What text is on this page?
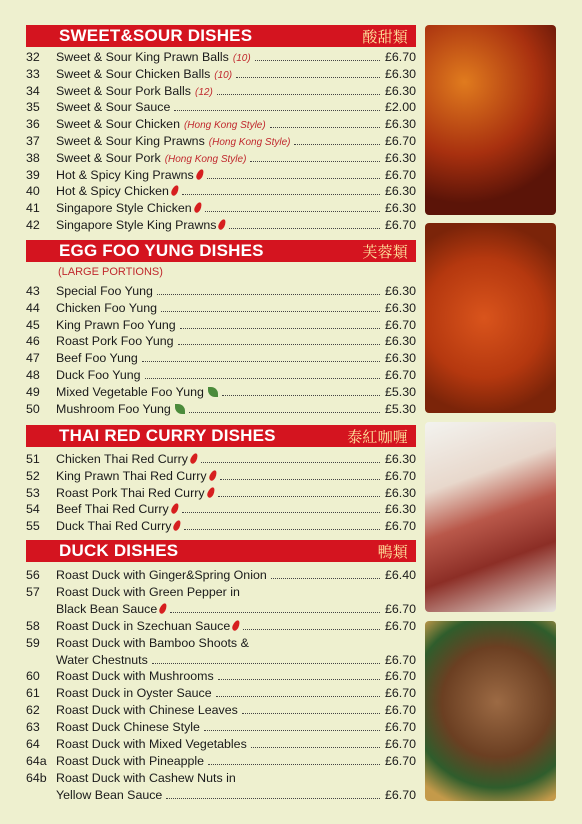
SWEET&SOUR DISHES	酸甜類
32	Sweet & Sour King Prawn Balls (10)	£6.70
33	Sweet & Sour Chicken Balls (10)	£6.30
34	Sweet & Sour Pork Balls (12)	£6.30
35	Sweet & Sour Sauce	£2.00
36	Sweet & Sour Chicken (Hong Kong Style)	£6.30
37	Sweet & Sour King Prawns (Hong Kong Style)	£6.70
38	Sweet & Sour Pork (Hong Kong Style)	£6.30
39	Hot & Spicy King Prawns	£6.70
40	Hot & Spicy Chicken	£6.30
41	Singapore Style Chicken	£6.30
42	Singapore Style King Prawns	£6.70
EGG FOO YUNG DISHES	芙蓉類
(LARGE PORTIONS)
43	Special Foo Yung	£6.30
44	Chicken Foo Yung	£6.30
45	King Prawn Foo Yung	£6.70
46	Roast Pork Foo Yung	£6.30
47	Beef Foo Yung	£6.30
48	Duck Foo Yung	£6.70
49	Mixed Vegetable Foo Yung	£5.30
50	Mushroom Foo Yung	£5.30
THAI RED CURRY DISHES	泰紅咖喱
51	Chicken Thai Red Curry	£6.30
52	King Prawn Thai Red Curry	£6.70
53	Roast Pork Thai Red Curry	£6.30
54	Beef Thai Red Curry	£6.30
55	Duck Thai Red Curry	£6.70
DUCK DISHES	鴨類
56	Roast Duck with Ginger&Spring Onion	£6.40
57	Roast Duck with Green Pepper in
Black Bean Sauce	£6.70
58	Roast Duck in Szechuan Sauce	£6.70
59	Roast Duck with Bamboo Shoots &
Water Chestnuts	£6.70
60	Roast Duck with Mushrooms	£6.70
61	Roast Duck in Oyster Sauce	£6.70
62	Roast Duck with Chinese Leaves	£6.70
63	Roast Duck Chinese Style	£6.70
64	Roast Duck with Mixed Vegetables	£6.70
64a Roast Duck with Pineapple	£6.70
64b Roast Duck with Cashew Nuts in
Yellow Bean Sauce	£6.70
